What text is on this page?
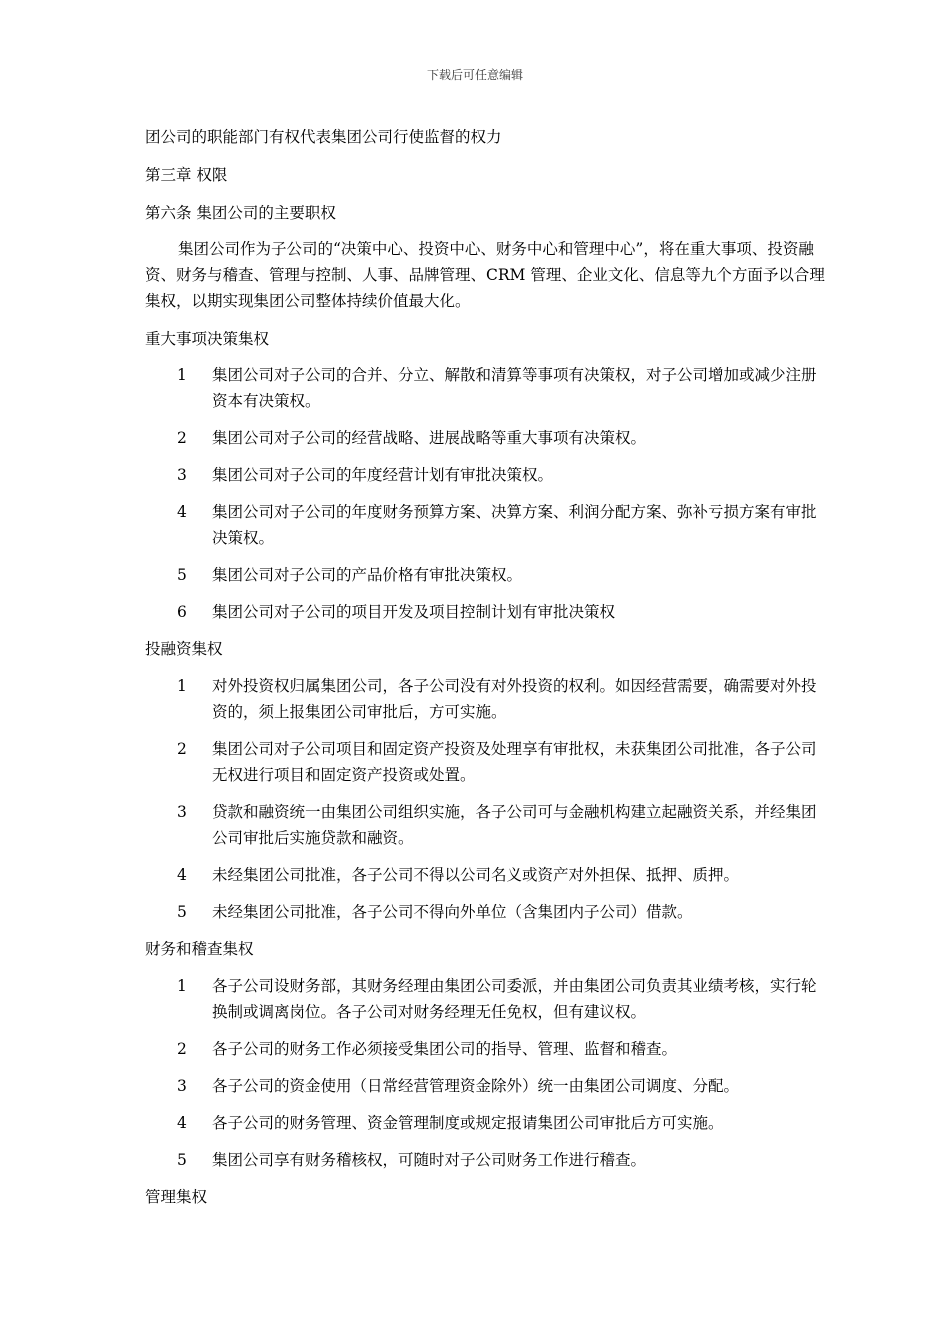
下载后可任意编辑

团公司的职能部门有权代表集团公司行使监督的权力

第三章 权限

第六条 集团公司的主要职权

集团公司作为子公司的“决策中心、投资中心、财务中心和管理中心”，将在重大事项、投资融资、财务与稽查、管理与控制、人事、品牌管理、CRM 管理、企业文化、信息等九个方面予以合理集权，以期实现集团公司整体持续价值最大化。

重大事项决策集权

1 集团公司对子公司的合并、分立、解散和清算等事项有决策权，对子公司增加或减少注册资本有决策权。
2 集团公司对子公司的经营战略、进展战略等重大事项有决策权。
3 集团公司对子公司的年度经营计划有审批决策权。
4 集团公司对子公司的年度财务预算方案、决算方案、利润分配方案、弥补亏损方案有审批决策权。
5 集团公司对子公司的产品价格有审批决策权。
6 集团公司对子公司的项目开发及项目控制计划有审批决策权

投融资集权

1 对外投资权归属集团公司，各子公司没有对外投资的权利。如因经营需要，确需要对外投资的，须上报集团公司审批后，方可实施。
2 集团公司对子公司项目和固定资产投资及处理享有审批权，未获集团公司批准，各子公司无权进行项目和固定资产投资或处置。
3 贷款和融资统一由集团公司组织实施，各子公司可与金融机构建立起融资关系，并经集团公司审批后实施贷款和融资。
4 未经集团公司批准，各子公司不得以公司名义或资产对外担保、抵押、质押。
5 未经集团公司批准，各子公司不得向外单位（含集团内子公司）借款。

财务和稽查集权

1 各子公司设财务部，其财务经理由集团公司委派，并由集团公司负责其业绩考核，实行轮换制或调离岗位。各子公司对财务经理无任免权，但有建议权。
2 各子公司的财务工作必须接受集团公司的指导、管理、监督和稽查。
3 各子公司的资金使用（日常经营管理资金除外）统一由集团公司调度、分配。
4 各子公司的财务管理、资金管理制度或规定报请集团公司审批后方可实施。
5 集团公司享有财务稽核权，可随时对子公司财务工作进行稽查。

管理集权
